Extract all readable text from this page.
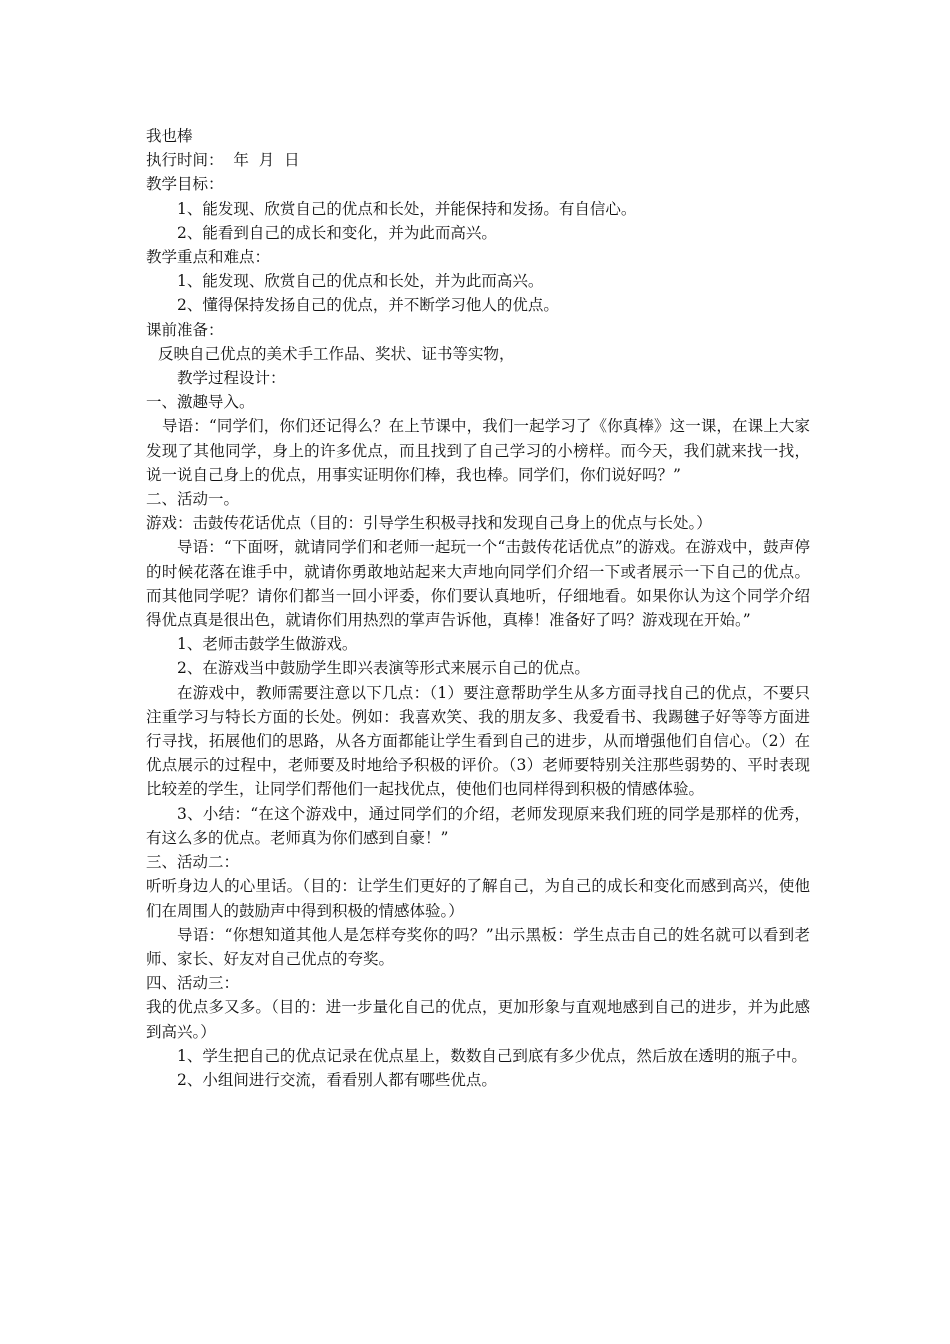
我也棒

执行时间：  年  月  日

教学目标：

1、能发现、欣赏自己的优点和长处，并能保持和发扬。有自信心。

2、能看到自己的成长和变化，并为此而高兴。

教学重点和难点：

1、能发现、欣赏自己的优点和长处，并为此而高兴。

2、懂得保持发扬自己的优点，并不断学习他人的优点。

课前准备：

反映自己优点的美术手工作品、奖状、证书等实物，

教学过程设计：

一、激趣导入。

导语：“同学们，你们还记得么？在上节课中，我们一起学习了《你真棒》这一课，在课上大家发现了其他同学，身上的许多优点，而且找到了自己学习的小榜样。而今天，我们就来找一找，说一说自己身上的优点，用事实证明你们棒，我也棒。同学们，你们说好吗？”

二、活动一。

游戏：击鼓传花话优点（目的：引导学生积极寻找和发现自己身上的优点与长处。）

导语：“下面呀，就请同学们和老师一起玩一个“击鼓传花话优点”的游戏。在游戏中，鼓声停的时候花落在谁手中，就请你勇敢地站起来大声地向同学们介绍一下或者展示一下自己的优点。而其他同学呢？请你们都当一回小评委，你们要认真地听，仔细地看。如果你认为这个同学介绍得优点真是很出色，就请你们用热烈的掌声告诉他，真棒！准备好了吗？游戏现在开始。”

1、老师击鼓学生做游戏。

2、在游戏当中鼓励学生即兴表演等形式来展示自己的优点。

在游戏中，教师需要注意以下几点：（1）要注意帮助学生从多方面寻找自己的优点，不要只注重学习与特长方面的长处。例如：我喜欢笑、我的朋友多、我爱看书、我踢毽子好等等方面进行寻找，拓展他们的思路，从各方面都能让学生看到自己的进步，从而增强他们自信心。（2）在优点展示的过程中，老师要及时地给予积极的评价。（3）老师要特别关注那些弱势的、平时表现比较差的学生，让同学们帮他们一起找优点，使他们也同样得到积极的情感体验。

3、小结：“在这个游戏中，通过同学们的介绍，老师发现原来我们班的同学是那样的优秀，有这么多的优点。老师真为你们感到自豪！”

三、活动二：

听听身边人的心里话。（目的：让学生们更好的了解自己，为自己的成长和变化而感到高兴，使他们在周围人的鼓励声中得到积极的情感体验。）

导语：“你想知道其他人是怎样夸奖你的吗？”出示黑板：学生点击自己的姓名就可以看到老师、家长、好友对自己优点的夸奖。

四、活动三：

我的优点多又多。（目的：进一步量化自己的优点，更加形象与直观地感到自己的进步，并为此感到高兴。）

1、学生把自己的优点记录在优点星上，数数自己到底有多少优点，然后放在透明的瓶子中。

2、小组间进行交流，看看别人都有哪些优点。
